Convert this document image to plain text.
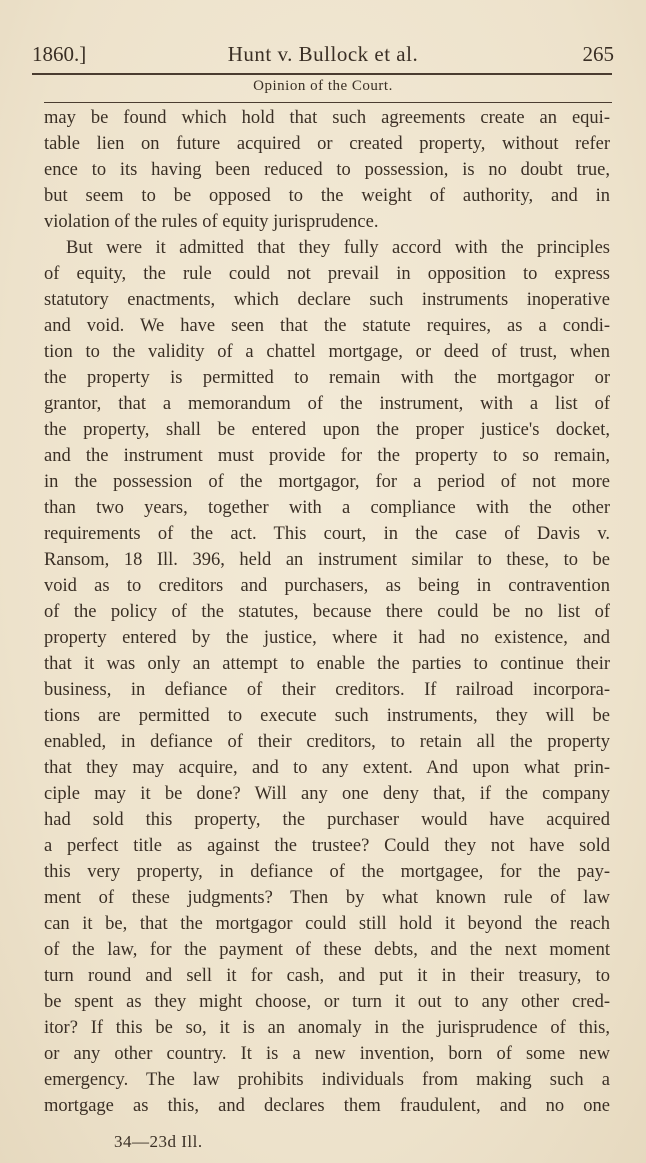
1860.]	Hunt v. Bullock et al.	265
Opinion of the Court.
may be found which hold that such agreements create an equi-
table lien on future acquired or created property, without refer
ence to its having been reduced to possession, is no doubt true,
but seem to be opposed to the weight of authority, and in
violation of the rules of equity jurisprudence.
But were it admitted that they fully accord with the principles
of equity, the rule could not prevail in opposition to express
statutory enactments, which declare such instruments inoperative
and void. We have seen that the statute requires, as a condi-
tion to the validity of a chattel mortgage, or deed of trust, when
the property is permitted to remain with the mortgagor or
grantor, that a memorandum of the instrument, with a list of
the property, shall be entered upon the proper justice's docket,
and the instrument must provide for the property to so remain,
in the possession of the mortgagor, for a period of not more
than two years, together with a compliance with the other
requirements of the act. This court, in the case of Davis v.
Ransom, 18 Ill. 396, held an instrument similar to these, to be
void as to creditors and purchasers, as being in contravention
of the policy of the statutes, because there could be no list of
property entered by the justice, where it had no existence, and
that it was only an attempt to enable the parties to continue their
business, in defiance of their creditors. If railroad incorpora-
tions are permitted to execute such instruments, they will be
enabled, in defiance of their creditors, to retain all the property
that they may acquire, and to any extent. And upon what prin-
ciple may it be done? Will any one deny that, if the company
had sold this property, the purchaser would have acquired
a perfect title as against the trustee? Could they not have sold
this very property, in defiance of the mortgagee, for the pay-
ment of these judgments? Then by what known rule of law
can it be, that the mortgagor could still hold it beyond the reach
of the law, for the payment of these debts, and the next moment
turn round and sell it for cash, and put it in their treasury, to
be spent as they might choose, or turn it out to any other cred-
itor? If this be so, it is an anomaly in the jurisprudence of this,
or any other country. It is a new invention, born of some new
emergency. The law prohibits individuals from making such a
mortgage as this, and declares them fraudulent, and no one
34—23d Ill.
